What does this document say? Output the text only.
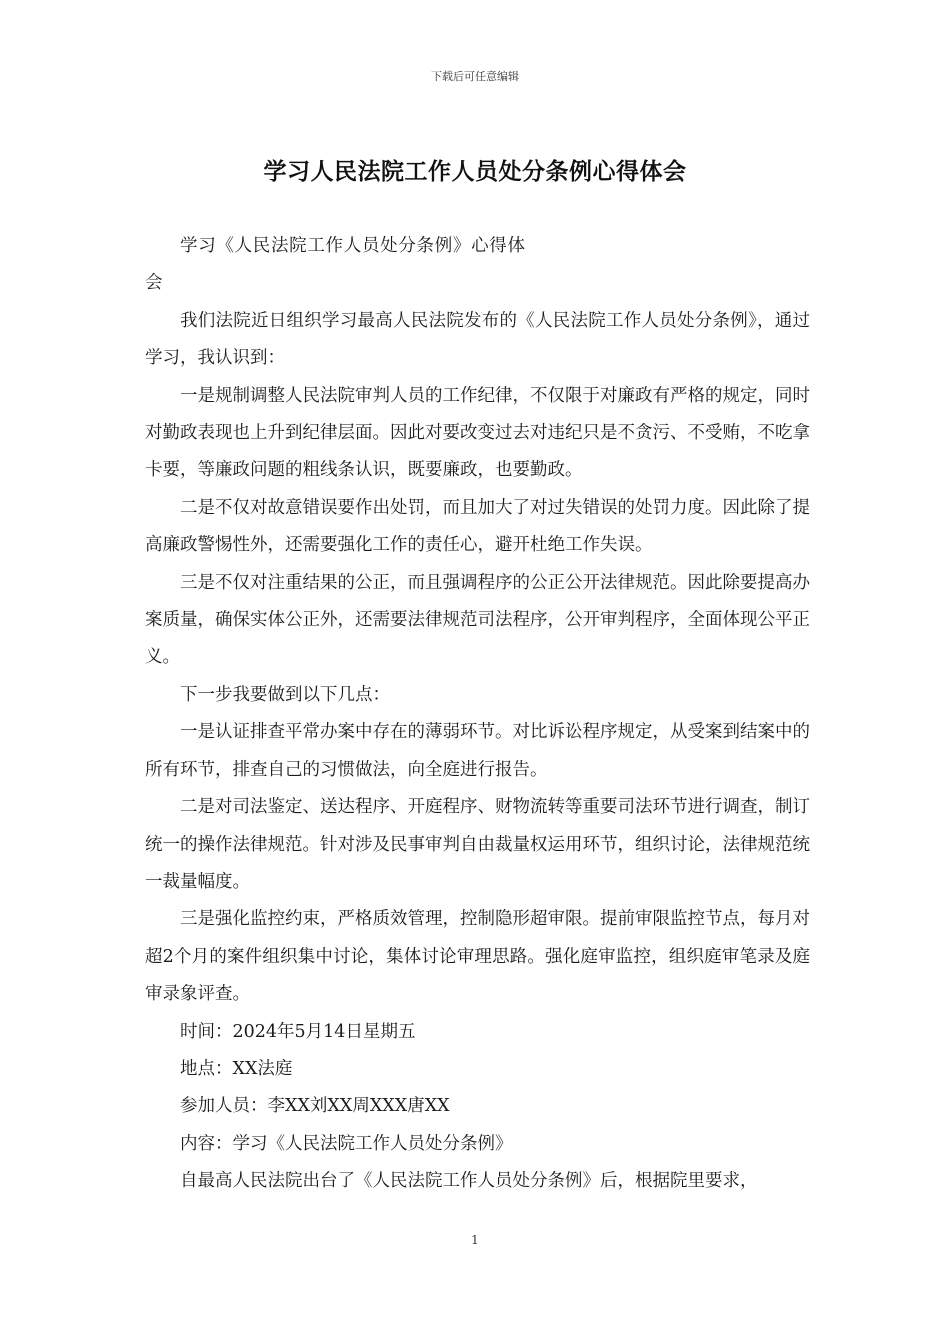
下载后可任意编辑
学习人民法院工作人员处分条例心得体会

学习《人民法院工作人员处分条例》心得体会

我们法院近日组织学习最高人民法院发布的《人民法院工作人员处分条例》，通过学习，我认识到：

一是规制调整人民法院审判人员的工作纪律，不仅限于对廉政有严格的规定，同时对勤政表现也上升到纪律层面。因此对要改变过去对违纪只是不贪污、不受贿，不吃拿卡要，等廉政问题的粗线条认识，既要廉政，也要勤政。

二是不仅对故意错误要作出处罚，而且加大了对过失错误的处罚力度。因此除了提高廉政警惕性外，还需要强化工作的责任心，避开杜绝工作失误。

三是不仅对注重结果的公正，而且强调程序的公正公开法律规范。因此除要提高办案质量，确保实体公正外，还需要法律规范司法程序，公开审判程序，全面体现公平正义。

下一步我要做到以下几点：

一是认证排查平常办案中存在的薄弱环节。对比诉讼程序规定，从受案到结案中的所有环节，排查自己的习惯做法，向全庭进行报告。

二是对司法鉴定、送达程序、开庭程序、财物流转等重要司法环节进行调查，制订统一的操作法律规范。针对涉及民事审判自由裁量权运用环节，组织讨论，法律规范统一裁量幅度。

三是强化监控约束，严格质效管理，控制隐形超审限。提前审限监控节点，每月对超2个月的案件组织集中讨论，集体讨论审理思路。强化庭审监控，组织庭审笔录及庭审录象评查。

时间：2024年5月14日星期五

地点：XX法庭

参加人员：李XX刘XX周XXX唐XX

内容：学习《人民法院工作人员处分条例》

自最高人民法院出台了《人民法院工作人员处分条例》后，根据院里要求，

1
